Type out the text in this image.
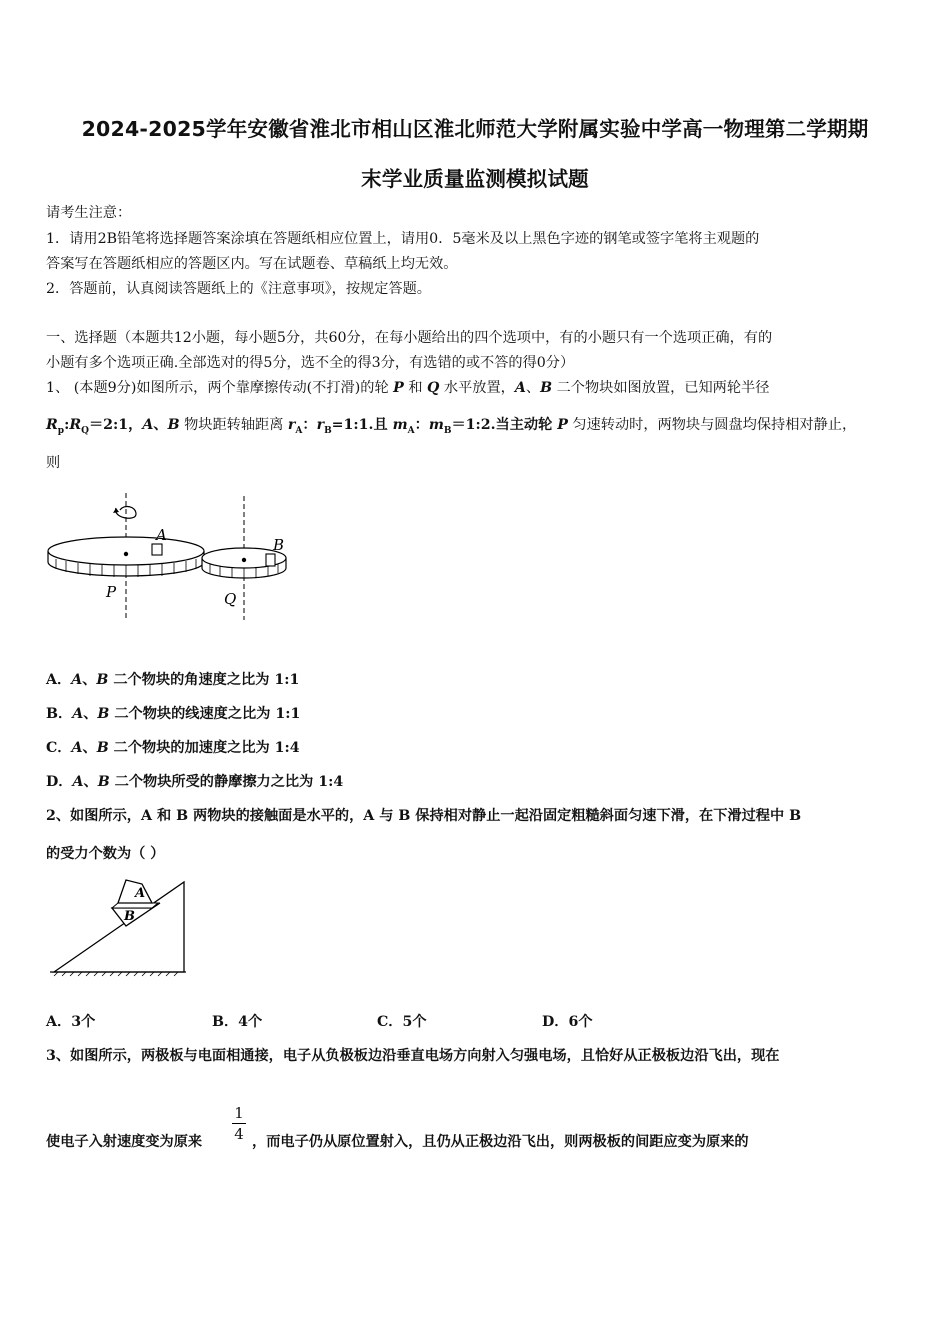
2024-2025学年安徽省淮北市相山区淮北师范大学附属实验中学高一物理第二学期期
末学业质量监测模拟试题
请考生注意：
1．请用2B铅笔将选择题答案涂填在答题纸相应位置上，请用0．5毫米及以上黑色字迹的钢笔或签字笔将主观题的
答案写在答题纸相应的答题区内。写在试题卷、草稿纸上均无效。
2．答题前，认真阅读答题纸上的《注意事项》，按规定答题。
一、选择题（本题共12小题，每小题5分，共60分，在每小题给出的四个选项中，有的小题只有一个选项正确，有的
小题有多个选项正确.全部选对的得5分，选不全的得3分，有选错的或不答的得0分）
1、 (本题9分)如图所示，两个靠摩擦传动(不打滑)的轮 P 和 Q 水平放置，A、B 二个物块如图放置，已知两轮半径
$R_p:R_Q=2:1$，A、B 物块距转轴距离 $r_A$：$r_B=1:1$.且 $m_A$：$m_B=1:2$.当主动轮 P 匀速转动时，两物块与圆盘均保持相对静止，
则
A
B
P	Q
A．A、B 二个物块的角速度之比为 1:1
B．A、B 二个物块的线速度之比为 1:1
C．A、B 二个物块的加速度之比为 1:4
D．A、B 二个物块所受的静摩擦力之比为 1:4
2、如图所示，A 和 B 两物块的接触面是水平的，A 与 B 保持相对静止一起沿固定粗糙斜面匀速下滑，在下滑过程中 B
的受力个数为（ ）
A
B
A．3个	B．4个	C．5个	D．6个
3、如图所示，两极板与电面相通接，电子从负极板边沿垂直电场方向射入匀强电场，且恰好从正极板边沿飞出，现在
使电子入射速度变为原来
1
4 ，而电子仍从原位置射入，且仍从正极边沿飞出，则两极板的间距应变为原来的
